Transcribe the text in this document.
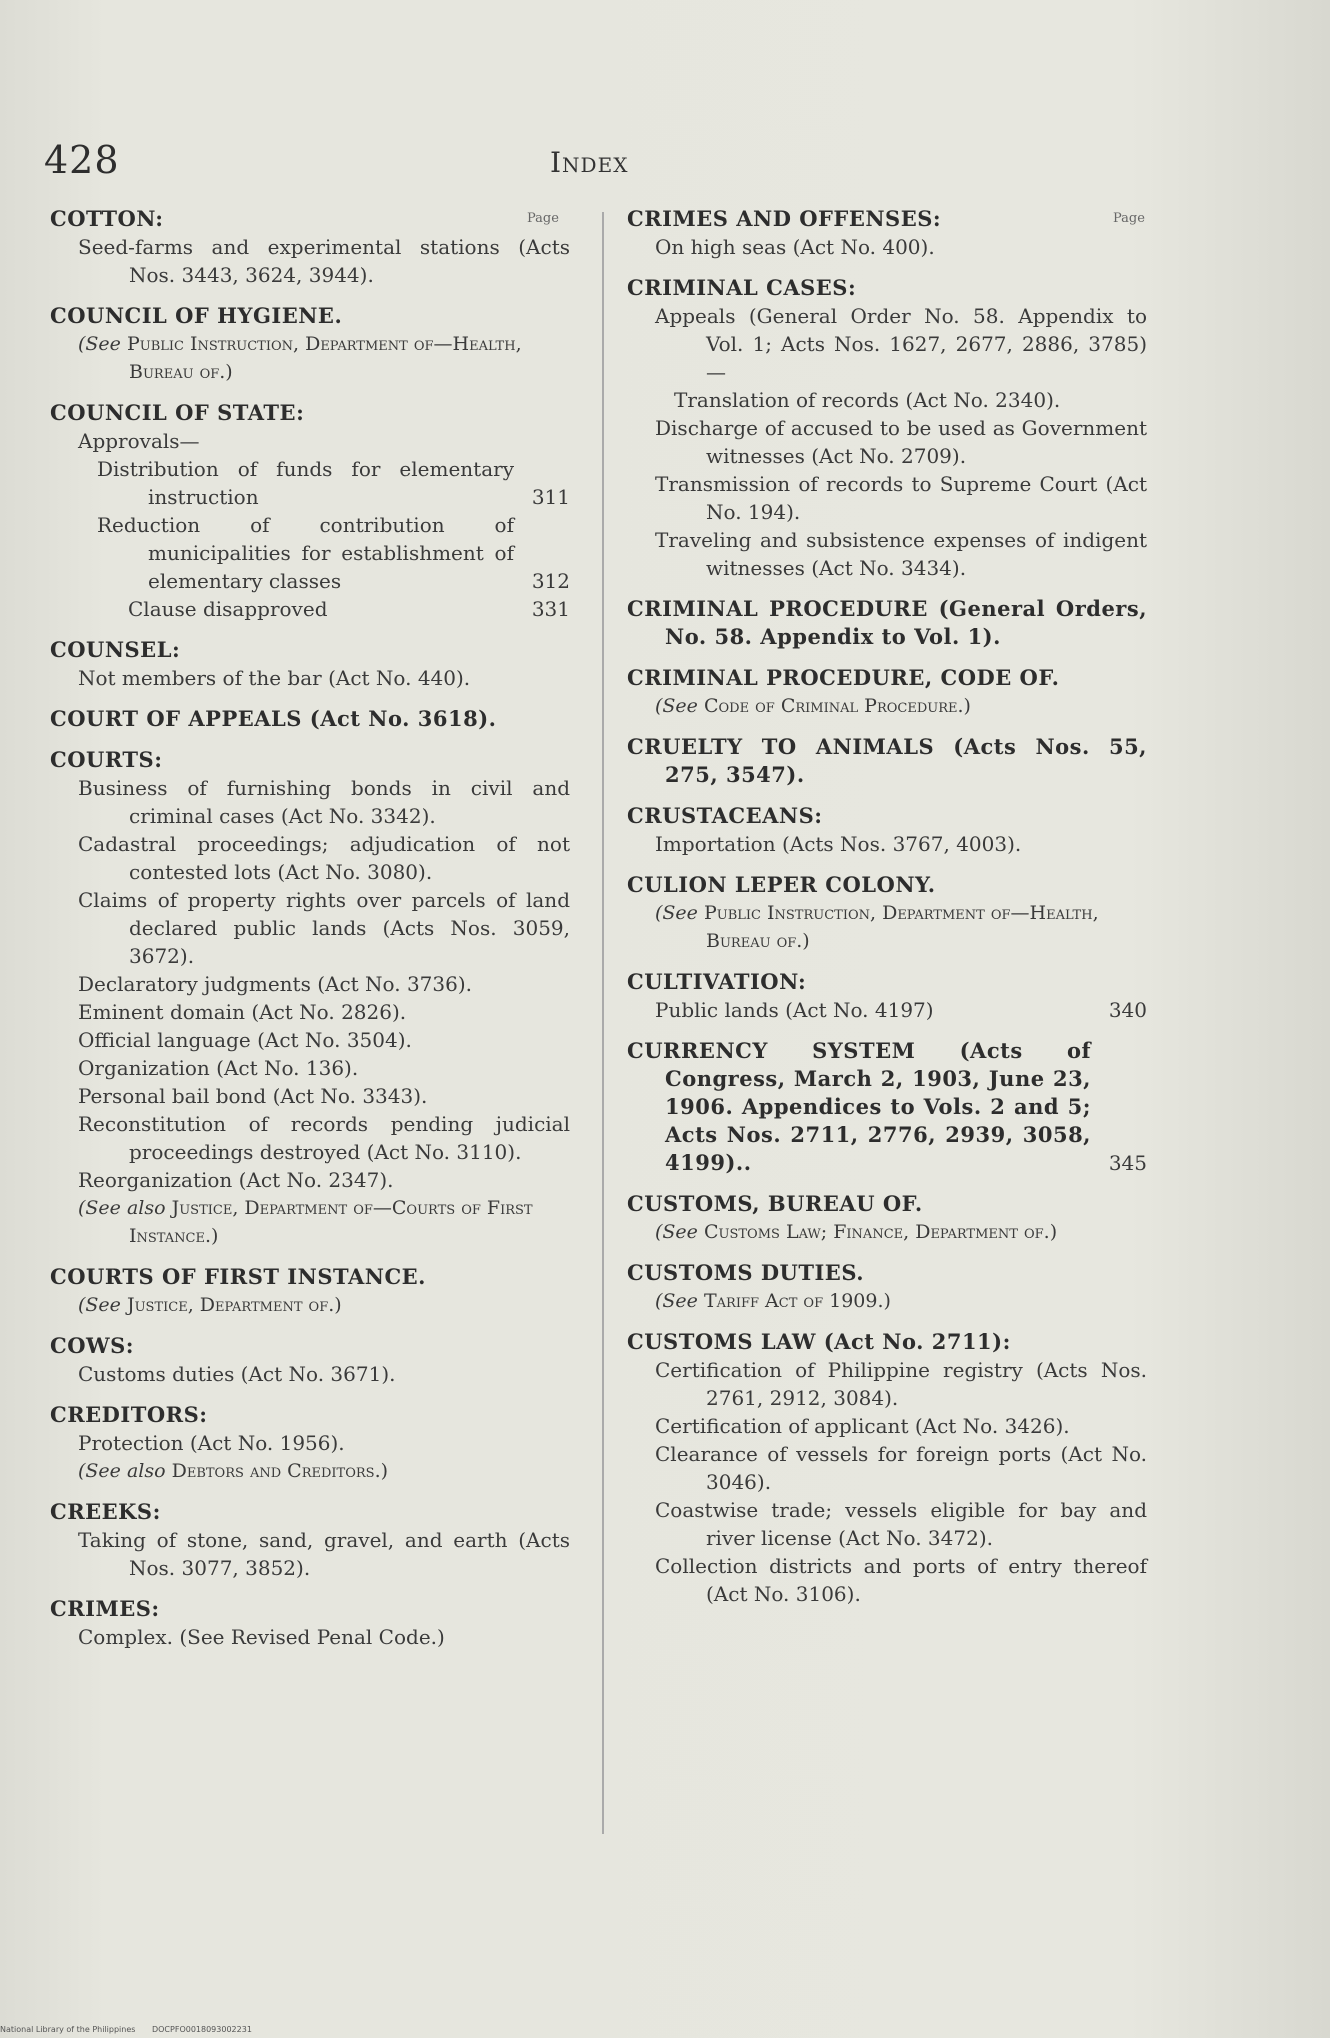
428	Index
Page	Page
COTTON:
Seed-farms and experimental stations (Acts Nos. 3443, 3624, 3944).
COUNCIL OF HYGIENE.
(See Public Instruction, Department of—Health, Bureau of.)
COUNCIL OF STATE:
Approvals—
Distribution of funds for elementary instruction	311
Reduction of contribution of municipalities for establishment of elementary classes	312
Clause disapproved	331
COUNSEL:
Not members of the bar (Act No. 440).
COURT OF APPEALS (Act No. 3618).
COURTS:
Business of furnishing bonds in civil and criminal cases (Act No. 3342).
Cadastral proceedings; adjudication of not contested lots (Act No. 3080).
Claims of property rights over parcels of land declared public lands (Acts Nos. 3059, 3672).
Declaratory judgments (Act No. 3736).
Eminent domain (Act No. 2826).
Official language (Act No. 3504).
Organization (Act No. 136).
Personal bail bond (Act No. 3343).
Reconstitution of records pending judicial proceedings destroyed (Act No. 3110).
Reorganization (Act No. 2347).
(See also Justice, Department of—Courts of First Instance.)
COURTS OF FIRST INSTANCE.
(See Justice, Department of.)
COWS:
Customs duties (Act No. 3671).
CREDITORS:
Protection (Act No. 1956).
(See also Debtors and Creditors.)
CREEKS:
Taking of stone, sand, gravel, and earth (Acts Nos. 3077, 3852).
CRIMES:
Complex. (See Revised Penal Code.)
CRIMES AND OFFENSES:
On high seas (Act No. 400).
CRIMINAL CASES:
Appeals (General Order No. 58. Appendix to Vol. 1; Acts Nos. 1627, 2677, 2886, 3785)—
Translation of records (Act No. 2340).
Discharge of accused to be used as Government witnesses (Act No. 2709).
Transmission of records to Supreme Court (Act No. 194).
Traveling and subsistence expenses of indigent witnesses (Act No. 3434).
CRIMINAL PROCEDURE (General Orders, No. 58. Appendix to Vol. 1).
CRIMINAL PROCEDURE, CODE OF.
(See Code of Criminal Procedure.)
CRUELTY TO ANIMALS (Acts Nos. 55, 275, 3547).
CRUSTACEANS:
Importation (Acts Nos. 3767, 4003).
CULION LEPER COLONY.
(See Public Instruction, Department of—Health, Bureau of.)
CULTIVATION:
Public lands (Act No. 4197)	340
CURRENCY SYSTEM (Acts of Congress, March 2, 1903, June 23, 1906. Appendices to Vols. 2 and 5; Acts Nos. 2711, 2776, 2939, 3058, 4199)..	345
CUSTOMS, BUREAU OF.
(See Customs Law; Finance, Department of.)
CUSTOMS DUTIES.
(See Tariff Act of 1909.)
CUSTOMS LAW (Act No. 2711):
Certification of Philippine registry (Acts Nos. 2761, 2912, 3084).
Certification of applicant (Act No. 3426).
Clearance of vessels for foreign ports (Act No. 3046).
Coastwise trade; vessels eligible for bay and river license (Act No. 3472).
Collection districts and ports of entry thereof (Act No. 3106).
National Library of the Philippines DOCPFO0018093002231
